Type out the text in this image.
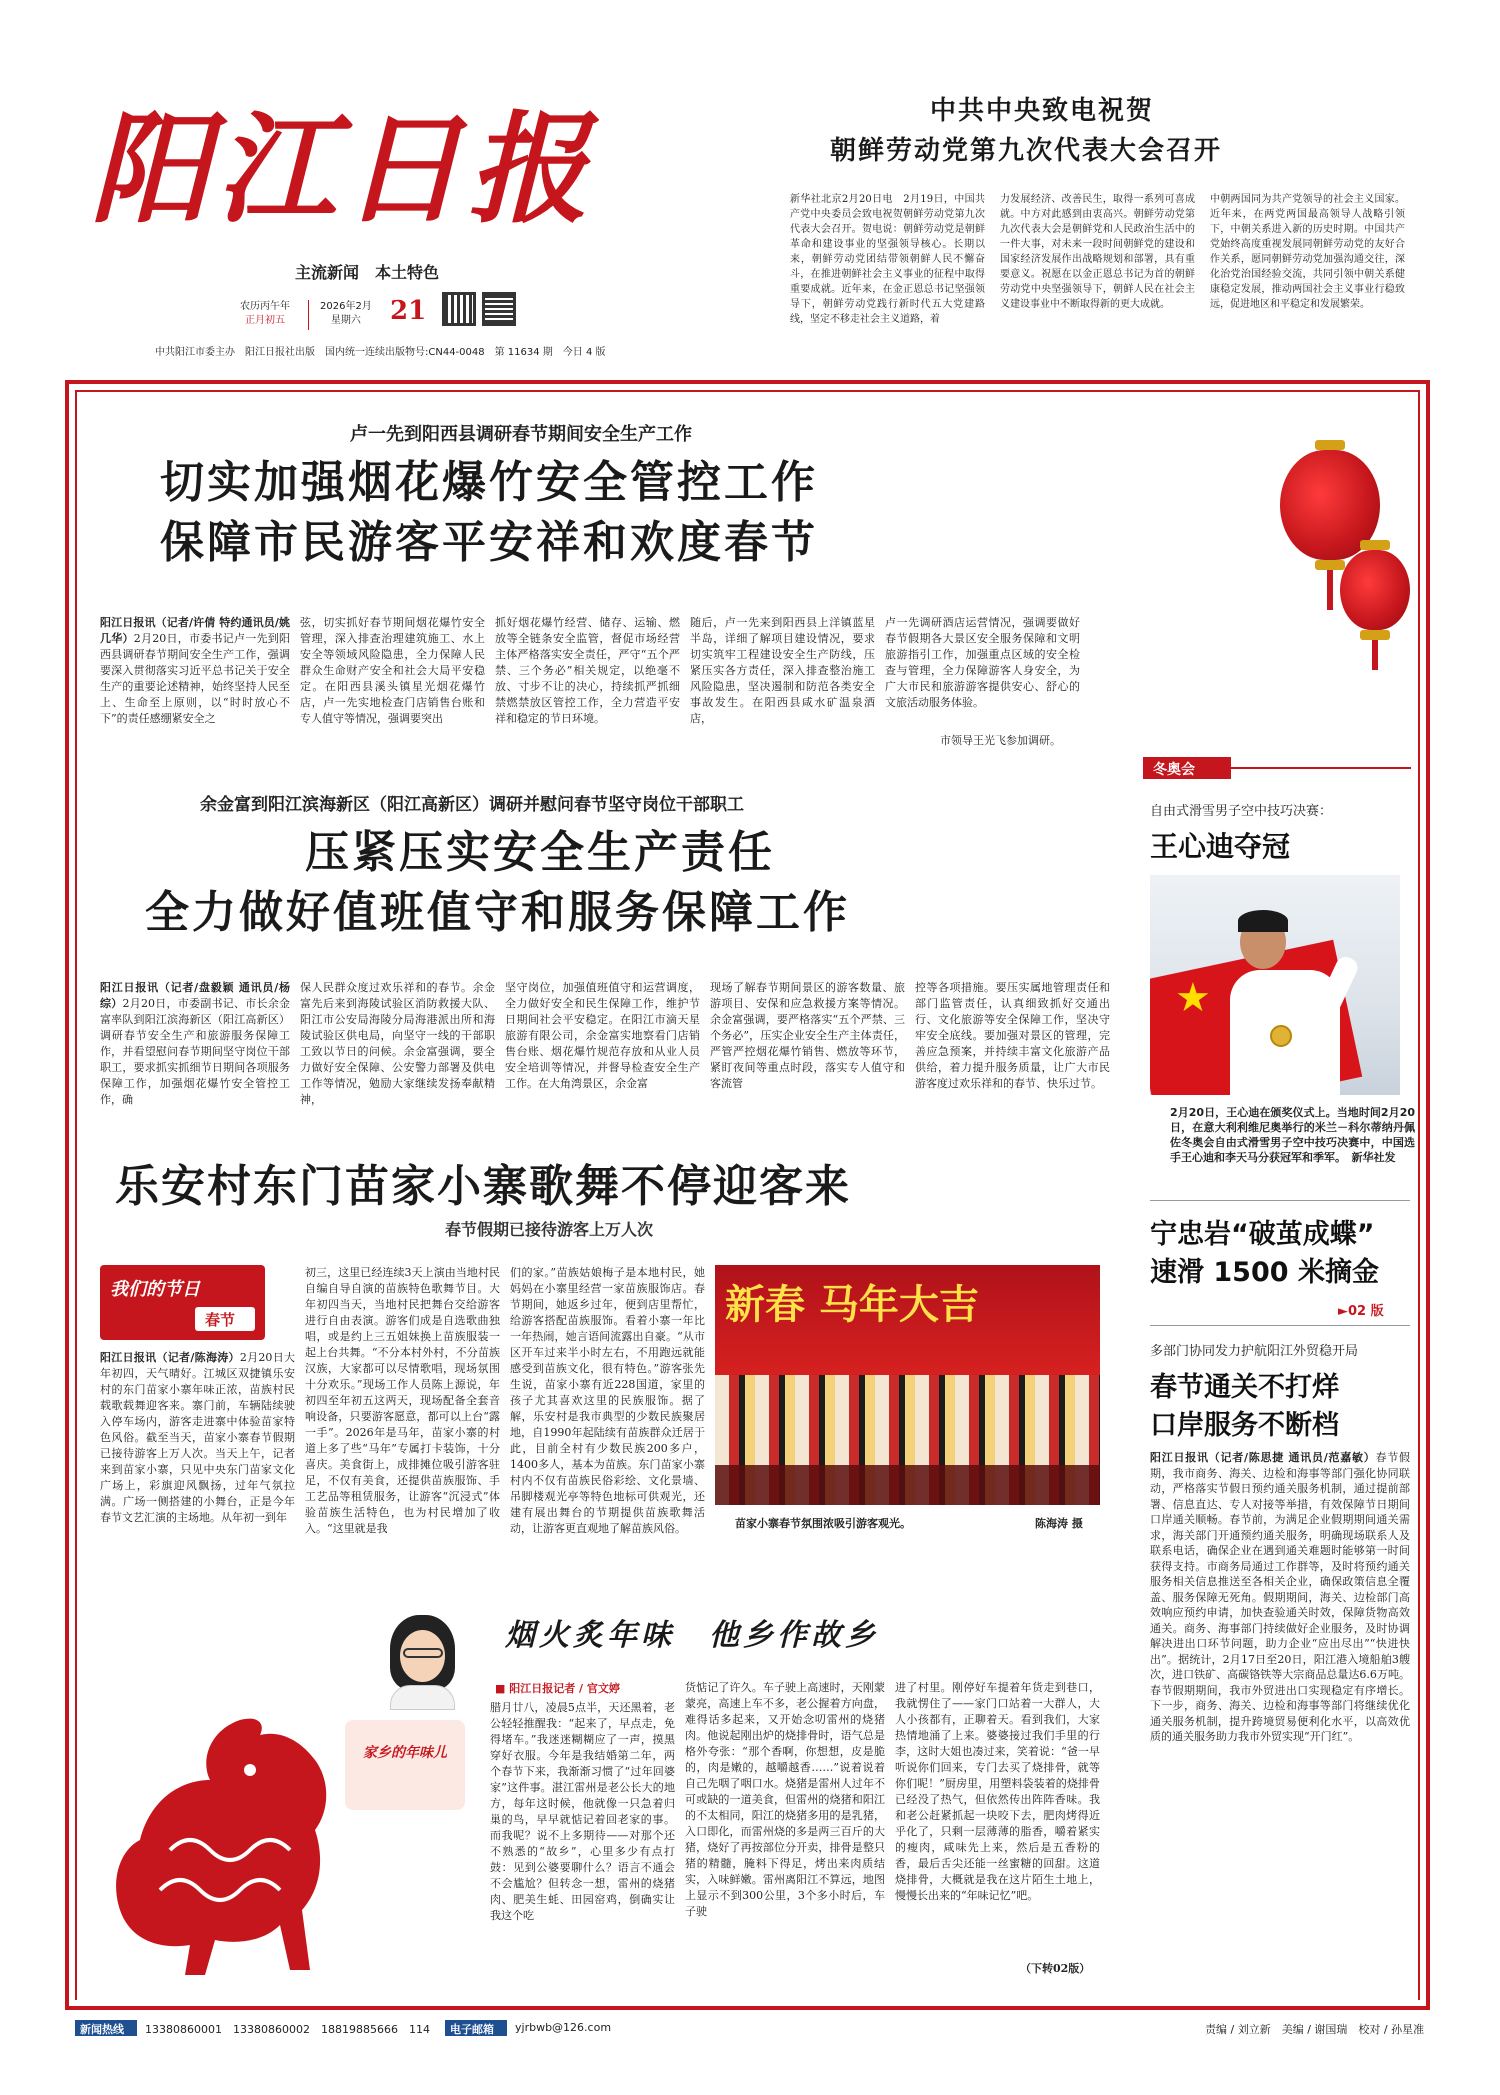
阳江日报
主流新闻　本土特色
农历丙午年
正月初五
2026年2月
星期六	21
中共阳江市委主办　阳江日报社出版　国内统一连续出版物号:CN44-0048　第 11634 期　今日 4 版
中共中央致电祝贺
朝鲜劳动党第九次代表大会召开
新华社北京2月20日电　2月19日，中国共产党中央委员会致电祝贺朝鲜劳动党第九次代表大会召开。贺电说：朝鲜劳动党是朝鲜革命和建设事业的坚强领导核心。长期以来，朝鲜劳动党团结带领朝鲜人民不懈奋斗，在推进朝鲜社会主义事业的征程中取得重要成就。近年来，在金正恩总书记坚强领导下，朝鲜劳动党践行新时代五大党建路线，坚定不移走社会主义道路，着
力发展经济、改善民生，取得一系列可喜成就。中方对此感到由衷高兴。朝鲜劳动党第九次代表大会是朝鲜党和人民政治生活中的一件大事，对未来一段时间朝鲜党的建设和国家经济发展作出战略规划和部署，具有重要意义。祝愿在以金正恩总书记为首的朝鲜劳动党中央坚强领导下，朝鲜人民在社会主义建设事业中不断取得新的更大成就。
中朝两国同为共产党领导的社会主义国家。近年来，在两党两国最高领导人战略引领下，中朝关系进入新的历史时期。中国共产党始终高度重视发展同朝鲜劳动党的友好合作关系，愿同朝鲜劳动党加强沟通交往，深化治党治国经验交流，共同引领中朝关系健康稳定发展，推动两国社会主义事业行稳致远，促进地区和平稳定和发展繁荣。
卢一先到阳西县调研春节期间安全生产工作
切实加强烟花爆竹安全管控工作
保障市民游客平安祥和欢度春节
阳江日报讯（记者/许倩 特约通讯员/姚几华）2月20日，市委书记卢一先到阳西县调研春节期间安全生产工作，强调要深入贯彻落实习近平总书记关于安全生产的重要论述精神，始终坚持人民至上、生命至上原则，以“时时放心不下”的责任感绷紧安全之
弦，切实抓好春节期间烟花爆竹安全管理，深入排查治理建筑施工、水上安全等领域风险隐患，全力保障人民群众生命财产安全和社会大局平安稳定。在阳西县溪头镇星光烟花爆竹店，卢一先实地检查门店销售台账和专人值守等情况，强调要突出
抓好烟花爆竹经营、储存、运输、燃放等全链条安全监管，督促市场经营主体严格落实安全责任，严守“五个严禁、三个务必”相关规定，以绝毫不放、寸步不让的决心，持续抓严抓细禁燃禁放区管控工作，全力营造平安祥和稳定的节日环境。
随后，卢一先来到阳西县上洋镇蓝星半岛，详细了解项目建设情况，要求切实筑牢工程建设安全生产防线，压紧压实各方责任，深入排查整治施工风险隐患，坚决遏制和防范各类安全事故发生。在阳西县咸水矿温泉酒店，
卢一先调研酒店运营情况，强调要做好春节假期各大景区安全服务保障和文明旅游指引工作，加强重点区域的安全检查与管理，全力保障游客人身安全，为广大市民和旅游游客提供安心、舒心的文旅活动服务体验。
市领导王光飞参加调研。
余金富到阳江滨海新区（阳江高新区）调研并慰问春节坚守岗位干部职工
压紧压实安全生产责任
全力做好值班值守和服务保障工作
阳江日报讯（记者/盘毅颖 通讯员/杨综）2月20日，市委副书记、市长余金富率队到阳江滨海新区（阳江高新区）调研春节安全生产和旅游服务保障工作，并看望慰问春节期间坚守岗位干部职工，要求抓实抓细节日期间各项服务保障工作，加强烟花爆竹安全管控工作，确
保人民群众度过欢乐祥和的春节。余金富先后来到海陵试验区消防救援大队、阳江市公安局海陵分局海港派出所和海陵试验区供电局，向坚守一线的干部职工致以节日的问候。余金富强调，要全力做好安全保障、公安警力部署及供电工作等情况，勉励大家继续发扬奉献精神，
坚守岗位，加强值班值守和运营调度，全力做好安全和民生保障工作，维护节日期间社会平安稳定。在阳江市滴天星旅游有限公司，余金富实地察看门店销售台账、烟花爆竹规范存放和从业人员安全培训等情况，并督导检查安全生产工作。在大角湾景区，余金富
现场了解春节期间景区的游客数量、旅游项目、安保和应急救援方案等情况。余金富强调，要严格落实“五个严禁、三个务必”，压实企业安全生产主体责任，严管严控烟花爆竹销售、燃放等环节，紧盯夜间等重点时段，落实专人值守和客流管
控等各项措施。要压实属地管理责任和部门监管责任，认真细致抓好交通出行、文化旅游等安全保障工作，坚决守牢安全底线。要加强对景区的管理，完善应急预案，并持续丰富文化旅游产品供给，着力提升服务质量，让广大市民游客度过欢乐祥和的春节、快乐过节。
冬奥会
自由式滑雪男子空中技巧决赛：
王心迪夺冠
★
2月20日，王心迪在颁奖仪式上。当地时间2月20日，在意大利利维尼奥举行的米兰－科尔蒂纳丹佩佐冬奥会自由式滑雪男子空中技巧决赛中，中国选手王心迪和李天马分获冠军和季军。　新华社发
宁忠岩“破茧成蝶”
速滑 1500 米摘金
►02 版
多部门协同发力护航阳江外贸稳开局
春节通关不打烊
口岸服务不断档
阳江日报讯（记者/陈思捷 通讯员/范嘉敏）春节假期，我市商务、海关、边检和海事等部门强化协同联动，严格落实节假日预约通关服务机制，通过提前部署、信息直达、专人对接等举措，有效保障节日期间口岸通关顺畅。春节前，为满足企业假期期间通关需求，海关部门开通预约通关服务，明确现场联系人及联系电话，确保企业在遇到通关难题时能够第一时间获得支持。市商务局通过工作群等，及时将预约通关服务相关信息推送至各相关企业，确保政策信息全覆盖、服务保障无死角。假期期间，海关、边检部门高效响应预约申请，加快查验通关时效，保障货物高效通关。商务、海事部门持续做好企业服务，及时协调解决进出口环节问题，助力企业“应出尽出”“快进快出”。据统计，2月17日至20日，阳江港入境船舶3艘次，进口铁矿、高碳铬铁等大宗商品总量达6.6万吨。春节假期期间，我市外贸进出口实现稳定有序增长。下一步，商务、海关、边检和海事等部门将继续优化通关服务机制，提升跨境贸易便利化水平，以高效优质的通关服务助力我市外贸实现“开门红”。
乐安村东门苗家小寨歌舞不停迎客来
春节假期已接待游客上万人次
我们的节日
春节
阳江日报讯（记者/陈海涛）2月20日大年初四，天气晴好。江城区双捷镇乐安村的东门苗家小寨年味正浓，苗族村民载歌载舞迎客来。寨门前，车辆陆续驶入停车场内，游客走进寨中体验苗家特色风俗。截至当天，苗家小寨春节假期已接待游客上万人次。当天上午，记者来到苗家小寨，只见中央东门苗家文化广场上，彩旗迎风飘扬，过年气氛拉满。广场一侧搭建的小舞台，正是今年春节文艺汇演的主场地。从年初一到年
初三，这里已经连续3天上演由当地村民自编自导自演的苗族特色歌舞节目。大年初四当天，当地村民把舞台交给游客进行自由表演。游客们成是自选歌曲独唱，或是约上三五姐妹换上苗族服装一起上台共舞。“不分本村外村，不分苗族汉族，大家都可以尽情歌唱，现场氛围十分欢乐。”现场工作人员陈上源说，年初四至年初五这两天，现场配备全套音响设备，只要游客愿意，都可以上台“露一手”。2026年是马年，苗家小寨的村道上多了些“马年”专属打卡装饰，十分喜庆。美食街上，成排摊位吸引游客驻足，不仅有美食，还提供苗族服饰、手工艺品等租赁服务，让游客“沉浸式”体验苗族生活特色，也为村民增加了收入。“这里就是我
们的家。”苗族姑娘梅子是本地村民，她妈妈在小寨里经营一家苗族服饰店。春节期间，她返乡过年，便到店里帮忙，给游客搭配苗族服饰。看着小寨一年比一年热闹，她言语间流露出自豪。“从市区开车过来半小时左右，不用跑远就能感受到苗族文化，很有特色。”游客张先生说，苗家小寨有近228国道，家里的孩子尤其喜欢这里的民族服饰。据了解，乐安村是我市典型的少数民族聚居地，自1990年起陆续有苗族群众迁居于此，目前全村有少数民族200多户，1400多人，基本为苗族。东门苗家小寨村内不仅有苗族民俗彩绘、文化景墙、吊脚楼观光亭等特色地标可供观光，还建有展出舞台的节期提供苗族歌舞活动，让游客更直观地了解苗族风俗。
新春 马年大吉
苗家小寨春节氛围浓吸引游客观光。	陈海涛 摄
烟火炙年味　他乡作故乡
家乡的年味儿
■ 阳江日报记者 / 官文婷
腊月廿八，凌晨5点半，天还黑着，老公轻轻推醒我：“起来了，早点走，免得堵车。”我迷迷糊糊应了一声，摸黑穿好衣服。今年是我结婚第二年，两个春节下来，我渐渐习惯了“过年回婆家”这件事。湛江雷州是老公长大的地方，每年这时候，他就像一只急着归巢的鸟，早早就惦记着回老家的事。而我呢？说不上多期待——对那个还不熟悉的“故乡”，心里多少有点打鼓：见到公婆要聊什么？语言不通会不会尴尬？但转念一想，雷州的烧猪肉、肥美生蚝、田园窑鸡，倒确实让我这个吃
货惦记了许久。车子驶上高速时，天刚蒙蒙亮，高速上车不多，老公握着方向盘，难得话多起来，又开始念叨雷州的烧猪肉。他说起刚出炉的烧排骨时，语气总是格外夸张：“那个香啊，你想想，皮是脆的，肉是嫩的，越嚼越香……”说着说着自己先咽了咽口水。烧猪是雷州人过年不可或缺的一道美食，但雷州的烧猪和阳江的不太相同，阳江的烧猪多用的是乳猪，入口即化，而雷州烧的多是两三百斤的大猪，烧好了再按部位分开卖，排骨是整只猪的精髓，腌料下得足，烤出来肉质结实，入味鲜嫩。雷州离阳江不算远，地图上显示不到300公里，3个多小时后，车子驶
进了村里。刚停好车提着年货走到巷口，我就愣住了——家门口站着一大群人，大人小孩都有，正聊着天。看到我们，大家热情地涌了上来。婆婆接过我们手里的行李，这时大姐也凑过来，笑着说：“爸一早听说你们回来，专门去买了烧排骨，就等你们呢！”厨房里，用塑料袋装着的烧排骨已经没了热气，但依然传出阵阵香味。我和老公赶紧抓起一块咬下去，肥肉烤得近乎化了，只剩一层薄薄的脂香，嚼着紧实的瘦肉，咸味先上来，然后是五香粉的香，最后舌尖还能一丝蜜糖的回甜。这道烧排骨，大概就是我在这片陌生土地上，慢慢长出来的“年味记忆”吧。
（下转02版）
新闻热线 13380860001　13380860002　18819885666　114 电子邮箱 yjrbwb@126.com	责编 / 刘立新　美编 / 谢国瑞　校对 / 孙星准
